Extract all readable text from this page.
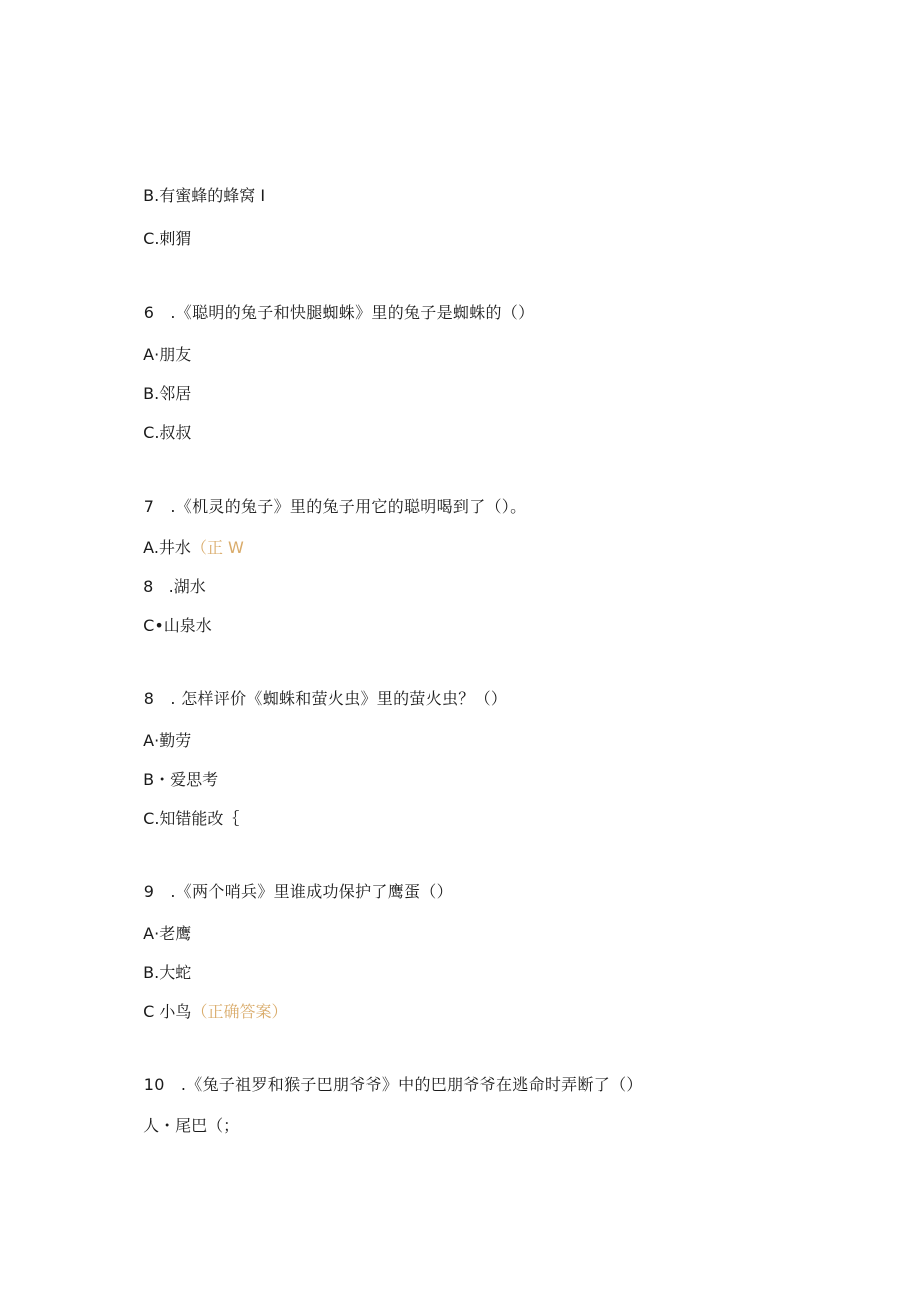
B.有蜜蜂的蜂窝 I

C.刺猬

6   .《聪明的兔子和快腿蜘蛛》里的兔子是蜘蛛的（）

A·朋友

B.邻居

C.叔叔

7   .《机灵的兔子》里的兔子用它的聪明喝到了（）。

A.井水（正 W

8   .湖水

C•山泉水

8   . 怎样评价《蜘蛛和萤火虫》里的萤火虫？（）

A·勤劳

B・爱思考

C.知错能改｛

9   .《两个哨兵》里谁成功保护了鹰蛋（）

A·老鹰

B.大蛇

C 小鸟（正确答案）

10   .《兔子祖罗和猴子巴朋爷爷》中的巴朋爷爷在逃命时弄断了（）

人・尾巴（；
